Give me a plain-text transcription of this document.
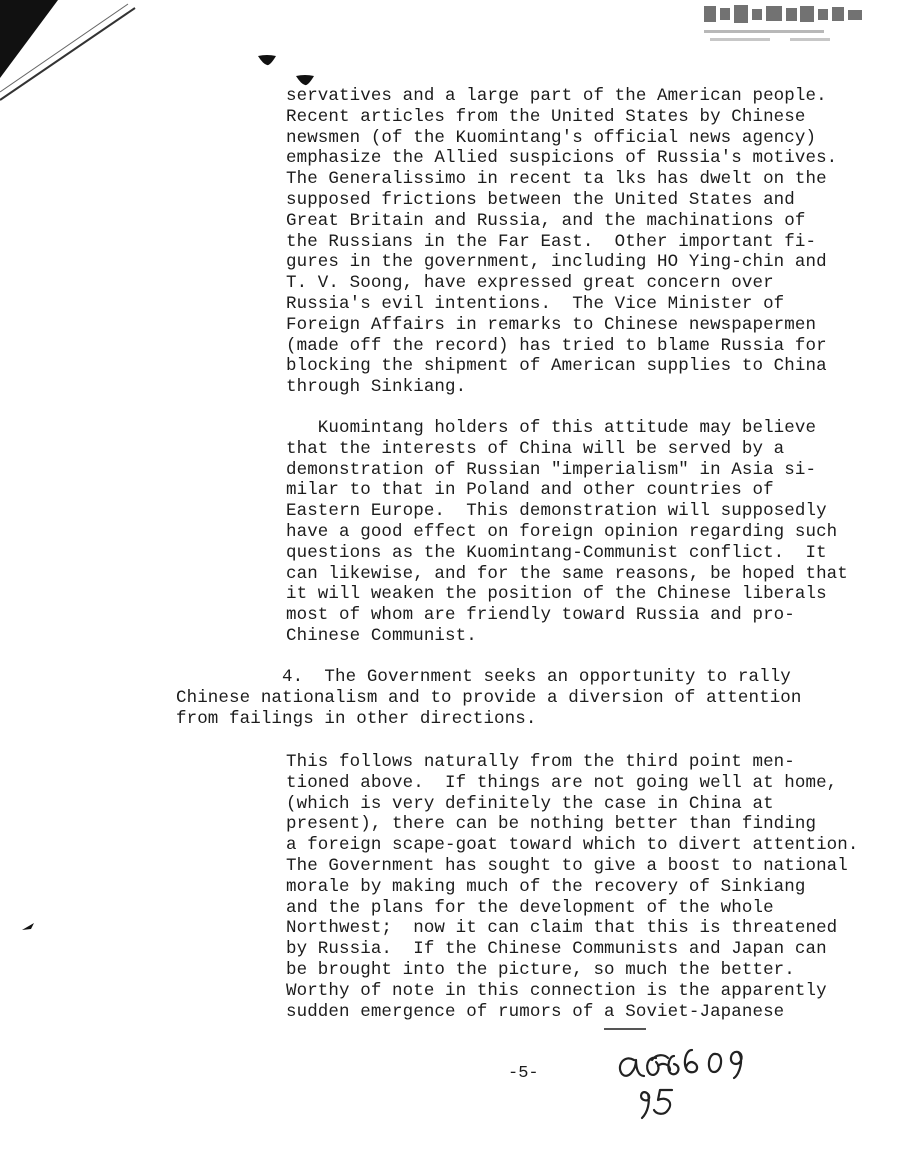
servatives and a large part of the American people.
Recent articles from the United States by Chinese
newsmen (of the Kuomintang's official news agency)
emphasize the Allied suspicions of Russia's motives.
The Generalissimo in recent ta lks has dwelt on the
supposed frictions between the United States and
Great Britain and Russia, and the machinations of
the Russians in the Far East.  Other important fi-
gures in the government, including HO Ying-chin and
T. V. Soong, have expressed great concern over
Russia's evil intentions.  The Vice Minister of
Foreign Affairs in remarks to Chinese newspapermen
(made off the record) has tried to blame Russia for
blocking the shipment of American supplies to China
through Sinkiang.
Kuomintang holders of this attitude may believe
that the interests of China will be served by a
demonstration of Russian "imperialism" in Asia si-
milar to that in Poland and other countries of
Eastern Europe.  This demonstration will supposedly
have a good effect on foreign opinion regarding such
questions as the Kuomintang-Communist conflict.  It
can likewise, and for the same reasons, be hoped that
it will weaken the position of the Chinese liberals
most of whom are friendly toward Russia and pro-
Chinese Communist.
4.  The Government seeks an opportunity to rally
Chinese nationalism and to provide a diversion of attention
from failings in other directions.
This follows naturally from the third point men-
tioned above.  If things are not going well at home,
(which is very definitely the case in China at
present), there can be nothing better than finding
a foreign scape-goat toward which to divert attention.
The Government has sought to give a boost to national
morale by making much of the recovery of Sinkiang
and the plans for the development of the whole
Northwest;  now it can claim that this is threatened
by Russia.  If the Chinese Communists and Japan can
be brought into the picture, so much the better.
Worthy of note in this connection is the apparently
sudden emergence of rumors of a Soviet-Japanese
-5-
